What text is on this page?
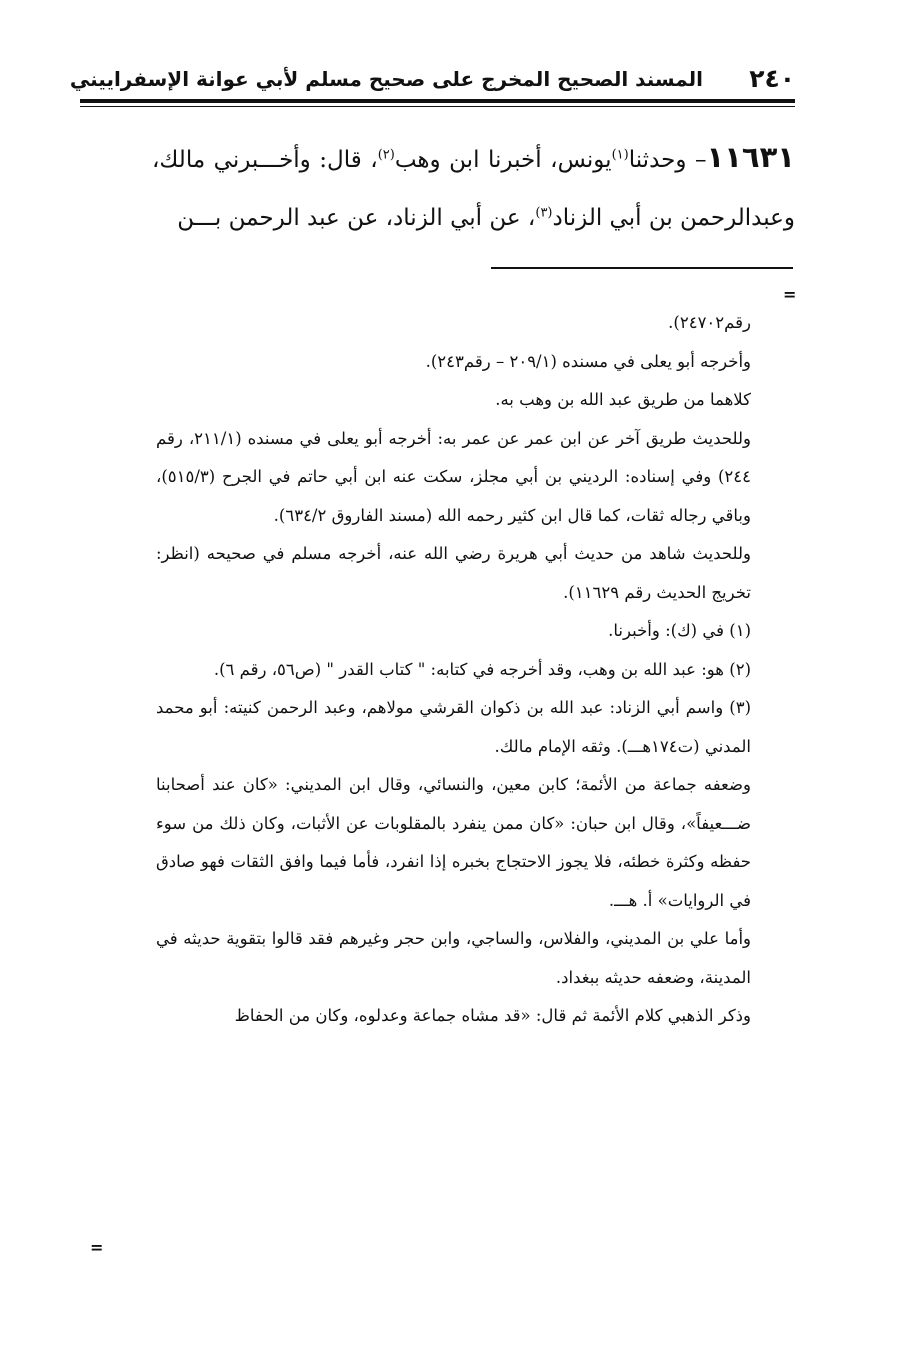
٢٤٠
المسند الصحيح المخرج على صحيح مسلم لأبي عوانة الإسفراييني

١١٦٣١– وحدثنا$^{(١)}$يونس، أخبرنا ابن وهب$^{(٢)}$، قال: وأخـــبرني مالك، وعبدالرحمن بن أبي الزناد$^{(٣)}$، عن أبي الزناد، عن عبد الرحمن بـــن

=

رقم٢٤٧٠٢).

وأخرجه أبو يعلى في مسنده (٢٠٩/١ – رقم٢٤٣).

كلاهما من طريق عبد الله بن وهب به.

وللحديث طريق آخر عن ابن عمر عن عمر به: أخرجه أبو يعلى في مسنده (٢١١/١، رقم ٢٤٤) وفي إسناده: الرديني بن أبي مجلز، سكت عنه ابن أبي حاتم في الجرح (٥١٥/٣)، وباقي رجاله ثقات، كما قال ابن كثير رحمه الله (مسند الفاروق ٦٣٤/٢).

وللحديث شاهد من حديث أبي هريرة رضي الله عنه، أخرجه مسلم في صحيحه (انظر: تخريج الحديث رقم ١١٦٢٩).

(١) في (ك): وأخبرنا.

(٢) هو: عبد الله بن وهب، وقد أخرجه في كتابه: " كتاب القدر " (ص٥٦، رقم ٦).

(٣) واسم أبي الزناد: عبد الله بن ذكوان القرشي مولاهم، وعبد الرحمن كنيته: أبو محمد المدني (ت١٧٤هـــ). وثقه الإمام مالك.

وضعفه جماعة من الأئمة؛ كابن معين، والنسائي، وقال ابن المديني: «كان عند أصحابنا ضـــعيفاً»، وقال ابن حبان: «كان ممن ينفرد بالمقلوبات عن الأثبات، وكان ذلك من سوء حفظه وكثرة خطئه، فلا يجوز الاحتجاج بخبره إذا انفرد، فأما فيما وافق الثقات فهو صادق في الروايات» أ. هـــ.

وأما علي بن المديني، والفلاس، والساجي، وابن حجر وغيرهم فقد قالوا بتقوية حديثه في المدينة، وضعفه حديثه ببغداد.

وذكر الذهبي كلام الأئمة ثم قال: «قد مشاه جماعة وعدلوه، وكان من الحفاظ

=
